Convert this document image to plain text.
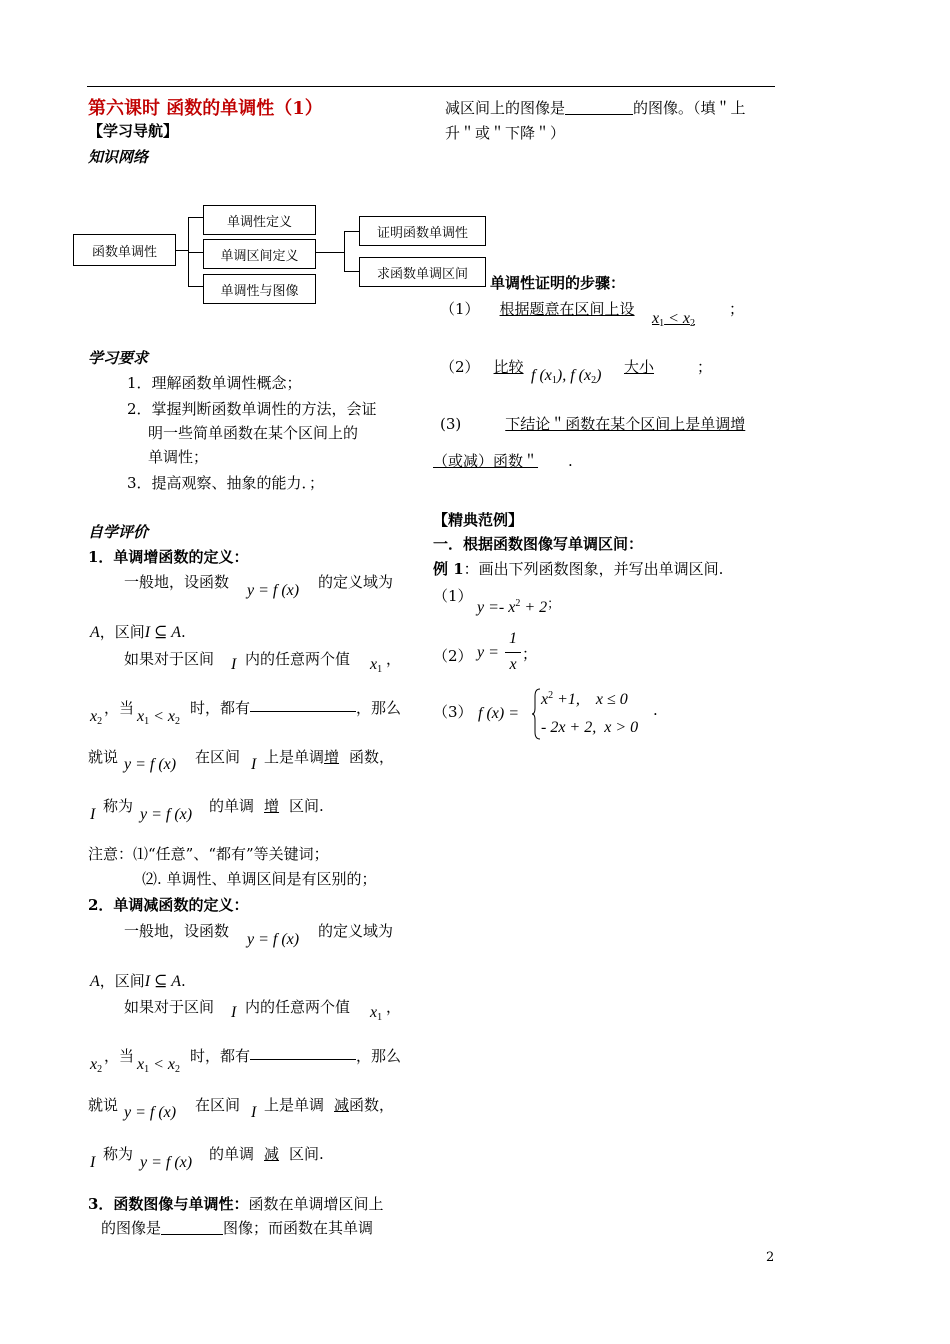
第六课时 函数的单调性（1）
【学习导航】
知识网络
函数单调性
单调性定义
单调区间定义
单调性与图像
证明函数单调性
求函数单调区间
学习要求
1．理解函数单调性概念；
2．掌握判断函数单调性的方法，会证
明一些简单函数在某个区间上的
单调性；
3．提高观察、抽象的能力．；
自学评价
1．单调增函数的定义：
一般地，设函数 y = f (x) 的定义域为
A，区间I ⊆ A.
如果对于区间 I 内的任意两个值 $x_1$
，
$x_2$
，当 $x_1 < x_2$
时，都有	，那么
就说 y = f (x) 在区间 I 上是单调增 函数，
I 称为 y = f (x) 的单调 增 区间.
注意：⑴“任意”、“都有”等关键词；
⑵. 单调性、单调区间是有区别的；
2．单调减函数的定义：
一般地，设函数 y = f (x) 的定义域为
A，区间I ⊆ A.
如果对于区间 I 内的任意两个值 $x_1$
，
$x_2$
，当 $x_1 < x_2$
时，都有	，那么
就说 y = f (x) 在区间 I 上是单调 减函数，
I 称为 y = f (x) 的单调 减 区间.
3．函数图像与单调性：函数在单调增区间上
的图像是	图像；而函数在其单调
减区间上的图像是	的图像。（填＂上
升＂或＂下降＂）
单调性证明的步骤：
（1） 根据题意在区间上设
$x_1 < x_2$
；
（2） 比较 f $(x_1)$, f $(x_2)$ 大小	；
(3)	下结论＂函数在某个区间上是单调增
（或减）函数＂ .
【精典范例】
一．根据函数图像写单调区间：
例 1：画出下列函数图象，并写出单调区间.
（1）
$y =- x^2 + 2^;$
（2） y =
1
x
；
（3） f (x) =
$x^2 +1$,    x ≤ 0
- 2x + 2,  x > 0
.
2
